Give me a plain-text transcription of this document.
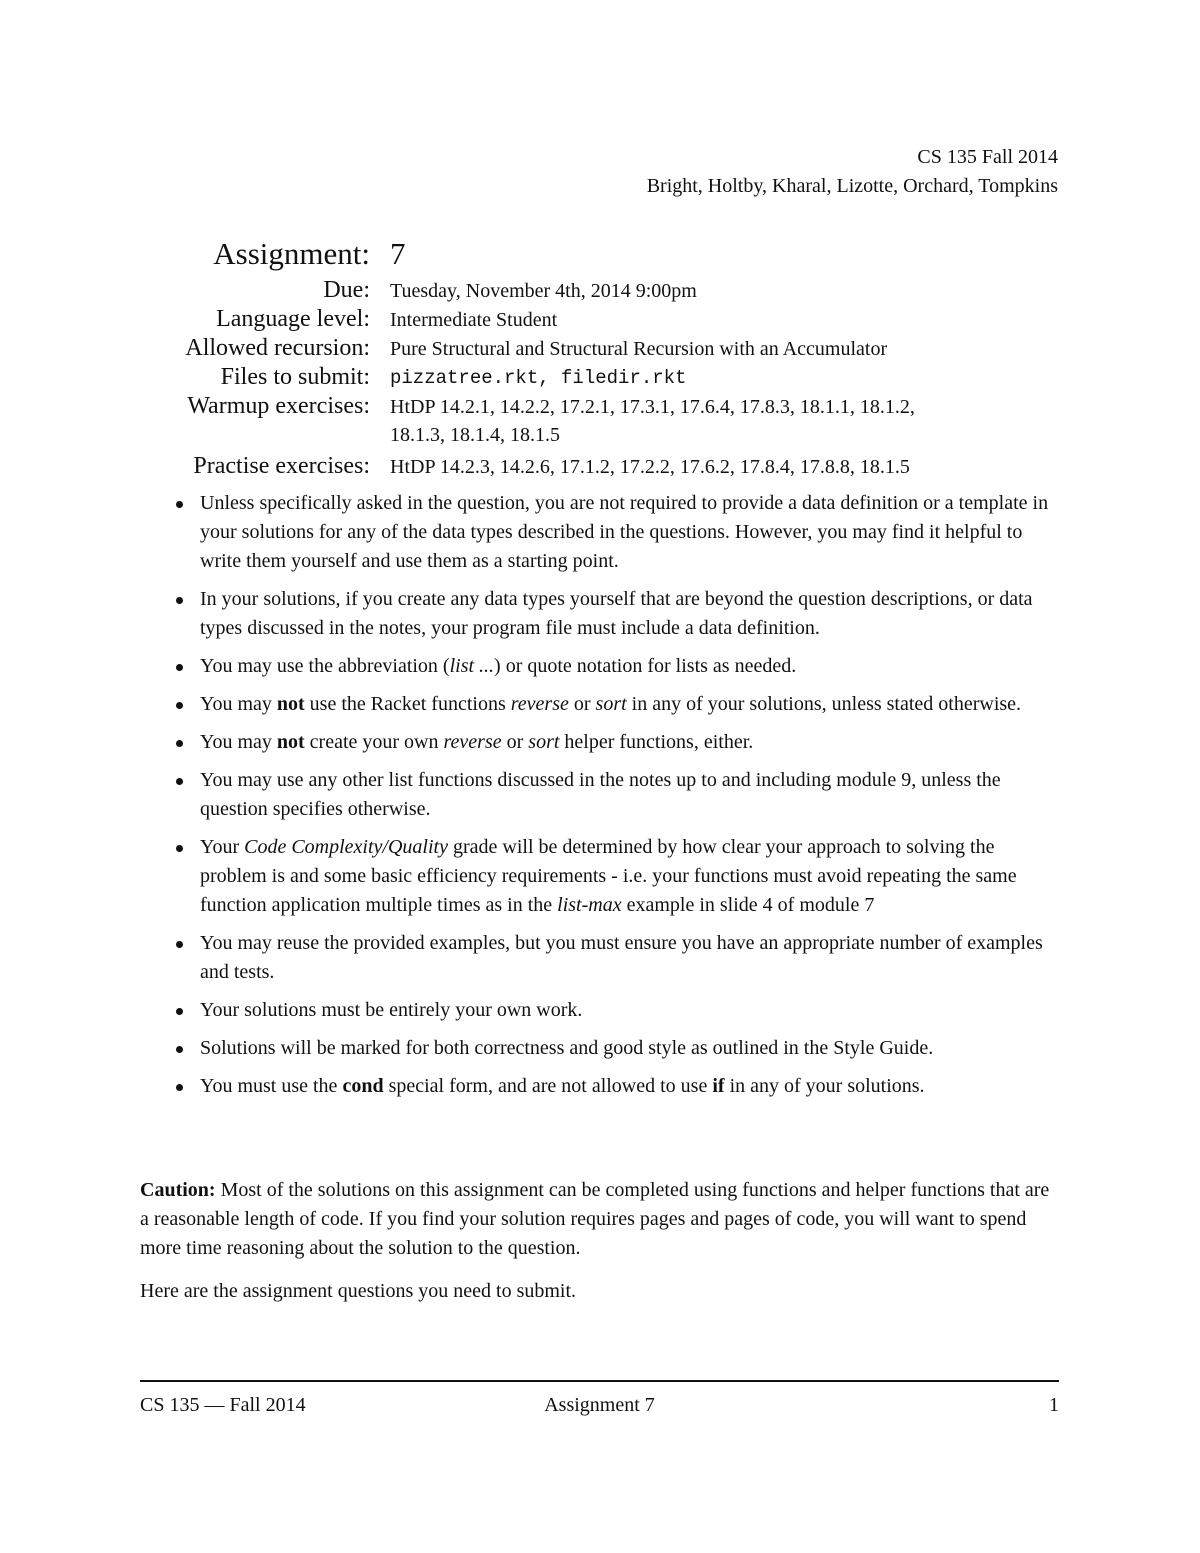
CS 135 Fall 2014
Bright, Holtby, Kharal, Lizotte, Orchard, Tompkins
Assignment: 7
Due:	Tuesday, November 4th, 2014 9:00pm
Language level:	Intermediate Student
Allowed recursion:	Pure Structural and Structural Recursion with an Accumulator
Files to submit:	pizzatree.rkt, filedir.rkt
Warmup exercises:	HtDP 14.2.1, 14.2.2, 17.2.1, 17.3.1, 17.6.4, 17.8.3, 18.1.1, 18.1.2,
18.1.3, 18.1.4, 18.1.5
Practise exercises:	HtDP 14.2.3, 14.2.6, 17.1.2, 17.2.2, 17.6.2, 17.8.4, 17.8.8, 18.1.5
Unless specifically asked in the question, you are not required to provide a data definition or a template in your solutions for any of the data types described in the questions. However, you may find it helpful to write them yourself and use them as a starting point.
In your solutions, if you create any data types yourself that are beyond the question descriptions, or data types discussed in the notes, your program file must include a data definition.
You may use the abbreviation (list ...) or quote notation for lists as needed.
You may not use the Racket functions reverse or sort in any of your solutions, unless stated otherwise.
You may not create your own reverse or sort helper functions, either.
You may use any other list functions discussed in the notes up to and including module 9, unless the question specifies otherwise.
Your Code Complexity/Quality grade will be determined by how clear your approach to solving the problem is and some basic efficiency requirements - i.e. your functions must avoid repeating the same function application multiple times as in the list-max example in slide 4 of module 7
You may reuse the provided examples, but you must ensure you have an appropriate number of examples and tests.
Your solutions must be entirely your own work.
Solutions will be marked for both correctness and good style as outlined in the Style Guide.
You must use the cond special form, and are not allowed to use if in any of your solutions.

Caution: Most of the solutions on this assignment can be completed using functions and helper functions that are a reasonable length of code. If you find your solution requires pages and pages of code, you will want to spend more time reasoning about the solution to the question.

Here are the assignment questions you need to submit.

CS 135 — Fall 2014	Assignment 7	1
